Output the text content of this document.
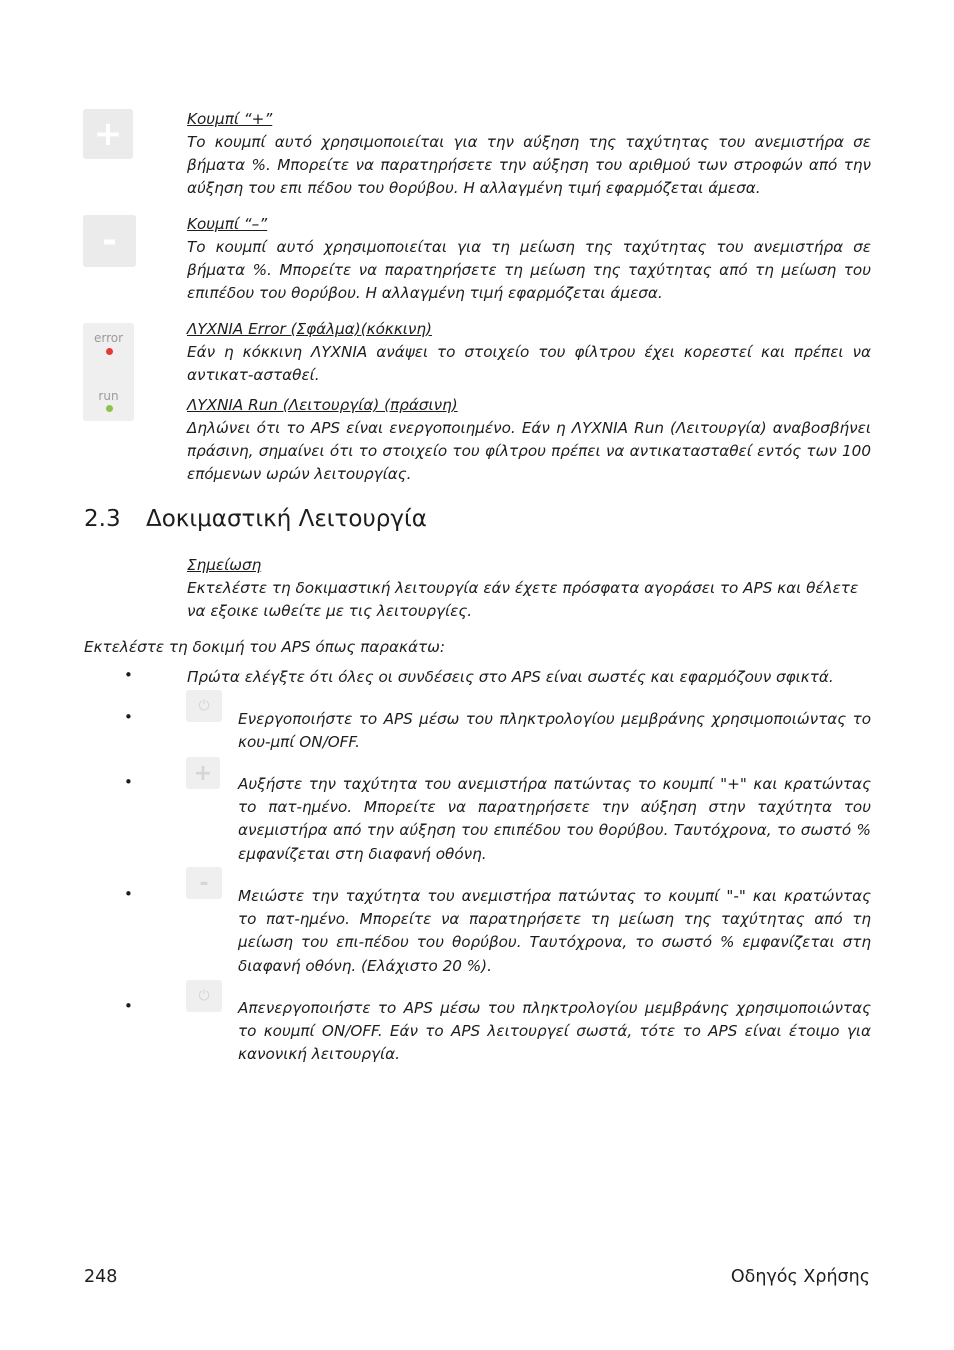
+	Κουμπί “+”
Το κουμπί αυτό χρησιμοποιείται για την αύξηση της ταχύτητας του ανεμιστήρα σε βήματα %. Μπορείτε να παρατηρήσετε την αύξηση του αριθμού των στροφών από την αύξηση του επι πέδου του θορύβου. Η αλλαγμένη τιμή εφαρμόζεται άμεσα.
-	Κουμπί “–”
Το κουμπί αυτό χρησιμοποιείται για τη μείωση της ταχύτητας του ανεμιστήρα σε βήματα %. Μπορείτε να παρατηρήσετε τη μείωση της ταχύτητας από τη μείωση του επιπέδου του θορύβου. Η αλλαγμένη τιμή εφαρμόζεται άμεσα.
error
run
ΛΥΧΝΙΑ Error (Σφάλμα)(κόκκινη)
Εάν η κόκκινη ΛΥΧΝΙΑ ανάψει το στοιχείο του φίλτρου έχει κορεστεί και πρέπει να αντικατ-ασταθεί.
ΛΥΧΝΙΑ Run (Λειτουργία) (πράσινη)
Δηλώνει ότι το APS είναι ενεργοποιημένο. Εάν η ΛΥΧΝΙΑ Run (Λειτουργία) αναβοσβήνει πράσινη, σημαίνει ότι το στοιχείο του φίλτρου πρέπει να αντικατασταθεί εντός των 100 επόμενων ωρών λειτουργίας.
2.3 Δοκιμαστική Λειτουργία
Σημείωση
Εκτελέστε τη δοκιμαστική λειτουργία εάν έχετε πρόσφατα αγοράσει το APS και θέλετε να εξοικε ιωθείτε με τις λειτουργίες.
Εκτελέστε τη δοκιμή του APS όπως παρακάτω:
•	Πρώτα ελέγξτε ότι όλες οι συνδέσεις στο APS είναι σωστές και εφαρμόζουν σφικτά.
•
⏻
Ενεργοποιήστε το APS μέσω του πληκτρολογίου μεμβράνης χρησιμοποιώντας το κου-μπί ON/OFF.
•	+ Αυξήστε την ταχύτητα του ανεμιστήρα πατώντας το κουμπί "+" και κρατώντας το πατ-ημένο. Μπορείτε να παρατηρήσετε την αύξηση στην ταχύτητα του ανεμιστήρα από την αύξηση του επιπέδου του θορύβου. Ταυτόχρονα, το σωστό % εμφανίζεται στη διαφανή οθόνη.
•	-
Μειώστε την ταχύτητα του ανεμιστήρα πατώντας το κουμπί "-" και κρατώντας το πατ-ημένο. Μπορείτε να παρατηρήσετε τη μείωση της ταχύτητας από τη μείωση του επι-πέδου του θορύβου. Ταυτόχρονα, το σωστό % εμφανίζεται στη διαφανή οθόνη. (Ελάχιστο 20 %).
•
⏻
Απενεργοποιήστε το APS μέσω του πληκτρολογίου μεμβράνης χρησιμοποιώντας το κουμπί ON/OFF. Εάν το APS λειτουργεί σωστά, τότε το APS είναι έτοιμο για κανονική λειτουργία.
248	Οδηγός Χρήσης
